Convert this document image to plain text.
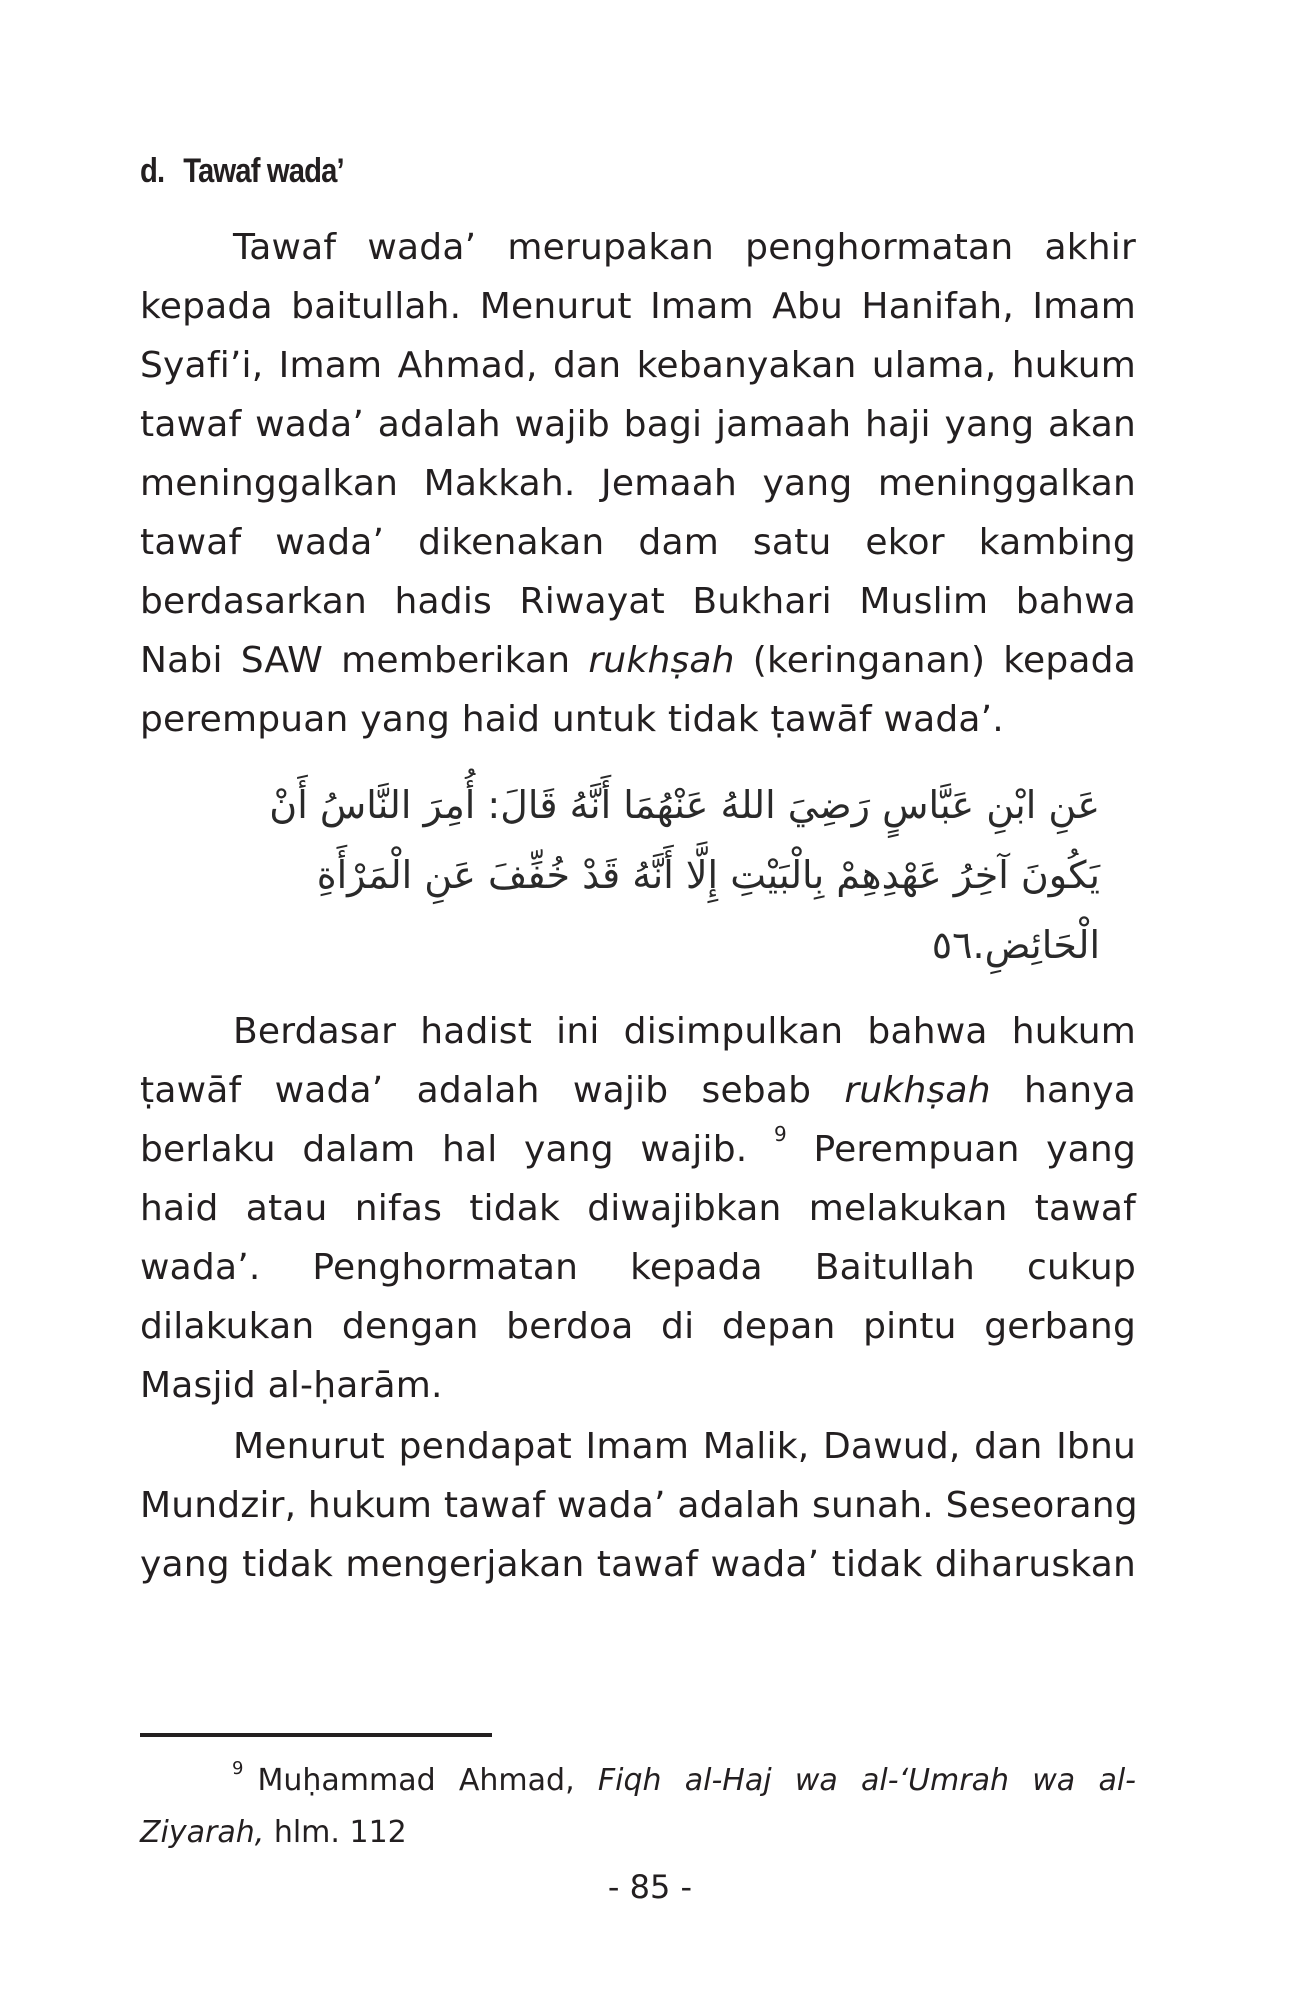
d. Tawaf wada’
Tawaf wada’ merupakan penghormatan akhir
kepada baitullah. Menurut Imam Abu Hanifah, Imam
Syafi’i, Imam Ahmad, dan kebanyakan ulama, hukum
tawaf wada’ adalah wajib bagi jamaah haji yang akan
meninggalkan Makkah. Jemaah yang meninggalkan
tawaf wada’ dikenakan dam satu ekor kambing
berdasarkan hadis Riwayat Bukhari Muslim bahwa
Nabi SAW memberikan rukhṣah (keringanan) kepada
perempuan yang haid untuk tidak ṭawāf wada’.
عَنِ ابْنِ عَبَّاسٍ رَضِيَ اللهُ عَنْهُمَا أَنَّهُ قَالَ: أُمِرَ النَّاسُ أَنْ
يَكُونَ آخِرُ عَهْدِهِمْ بِالْبَيْتِ إِلَّا أَنَّهُ قَدْ خُفِّفَ عَنِ الْمَرْأَةِ
الْحَائِضِ.٥٦
Berdasar hadist ini disimpulkan bahwa hukum
ṭawāf wada’ adalah wajib sebab rukhṣah hanya
berlaku dalam hal yang wajib. $^9$ Perempuan yang
haid atau nifas tidak diwajibkan melakukan tawaf
wada’. Penghormatan kepada Baitullah cukup
dilakukan dengan berdoa di depan pintu gerbang
Masjid al-ḥarām.
Menurut pendapat Imam Malik, Dawud, dan Ibnu
Mundzir, hukum tawaf wada’ adalah sunah. Seseorang
yang tidak mengerjakan tawaf wada’ tidak diharuskan
$^9$ Muḥammad Ahmad, Fiqh al-Haj wa al-‘Umrah wa al-
Ziyarah, hlm. 112
- 85 -
